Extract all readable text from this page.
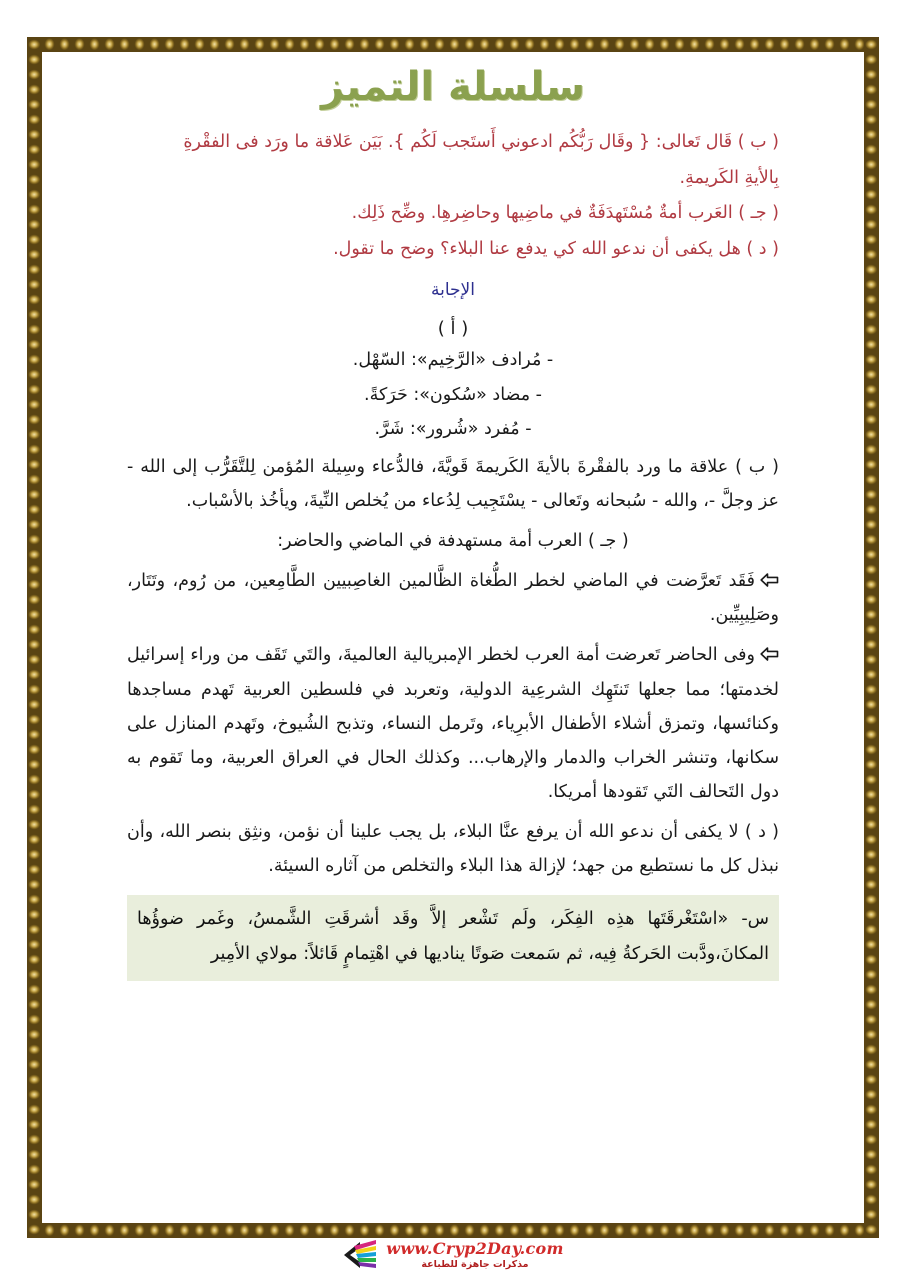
سلسلة التميز

( ب ) قَال تَعالى: { وقَال رَبُّكُم ادعوني أَستَجب لَكُم }. بَيَن عَلاقة ما ورَد فى الفقْرةِ

بِالأيةِ الكَريمةِ.

( جـ ) العَرب أمةٌ مُسْتَهدَفَةٌ في ماضِيها وحاضِرهِا. وضِّح ذَلِك.

( د ) هل يكفى أن ندعو الله كي يدفع عنا البلاء؟ وضح ما تقول.

الإجابة
( أ )

- مُرادف «الرَّخِيم»: السّهْل.

- مضاد «سُكون»: حَرَكةً.

- مُفرد «شُرور»: شَرَّ.

( ب ) علاقة ما ورد بالفقْرةَ بالأيةَ الكَريمةَ قَويَّةَ، فالدُّعاء وسِيلة المُؤمن لِلتَّقَرُّب إلى الله - عز وجلَّ -، والله - سُبحانه وتَعالى - يسْتَجِيب لِدُعاء من يُخلص النِّيةَ، ويأخُذ بالأسْباب.

( جـ ) العرب أمة مستهدفة في الماضي والحاضر:

فَقَد تَعرَّضت في الماضي لخطر الطُّغاة الظَّالمين الغاصِبيين الطَّامِعين، من رُوم، وتَتَار، وصَلِيبِيِّين.
وفى الحاضر تَعرضت أمة العرب لخطر الإمبريالية العالميةَ، والتَي تَقَف من وراء إسرائيل لخدمتها؛ مما جعلها تَنتَهِك الشرعِية الدولية، وتعربد في فلسطين العربية تَهدم مساجدها وكنائسها، وتمزق أشلاء الأطفال الأبرِياء، وتَرمل النساء، وتذبح الشُيوخ، وتَهدم المنازل على سكانها، وتنشر الخراب والدمار والإرهاب... وكذلك الحال في العراق العربية، وما تَقوم به دول التَحالف التَي تَقودها أمريكا.

( د ) لا يكفى أن ندعو الله أن يرفع عنَّا البلاء، بل يجب علينا أن نؤمن، ونثِق بنصر الله، وأن نبذل كل ما نستطيع من جهد؛ لإزالة هذا البلاء والتخلص من آثاره السيئة.

س- «اسْتَغْرقَتَها هذِه الفِكَر، ولَم تَشْعر إلاَّ وقَد أشرقَتِ الشَّمسُ، وغَمر ضوؤُها المكانَ،ودَّبت الحَركةُ فِيه، ثم سَمعت صَوتًا يناديها في اهْتِمامٍ قَائلاً: مولاي الأمِير
www.Cryp2Day.com
مذكرات جاهزة للطباعة
